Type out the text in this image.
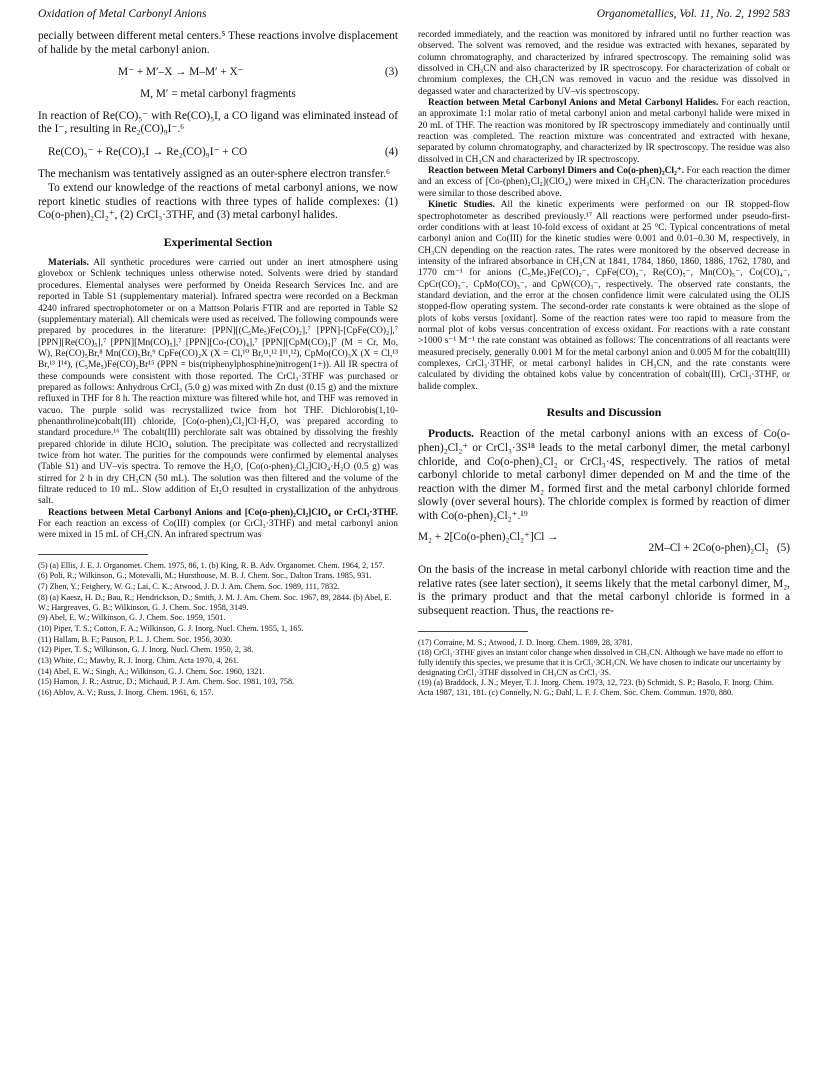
Oxidation of Metal Carbonyl Anions	Organometallics, Vol. 11, No. 2, 1992 583

pecially between different metal centers.⁵ These reactions involve displacement of halide by the metal carbonyl anion.

M⁻ + M′–X → M–M′ + X⁻	(3)
M, M′ = metal carbonyl fragments

In reaction of Re(CO)₅⁻ with Re(CO)₅I, a CO ligand was eliminated instead of the I⁻, resulting in Re₂(CO)₉I⁻.⁶

Re(CO)₅⁻ + Re(CO)₅I → Re₂(CO)₉I⁻ + CO	(4)

The mechanism was tentatively assigned as an outer-sphere electron transfer.⁶

To extend our knowledge of the reactions of metal carbonyl anions, we now report kinetic studies of reactions with three types of halide complexes: (1) Co(o-phen)₂Cl₂⁺, (2) CrCl₃·3THF, and (3) metal carbonyl halides.

Experimental Section

Materials. All synthetic procedures were carried out under an inert atmosphere using glovebox or Schlenk techniques unless otherwise noted. Solvents were dried by standard procedures. Elemental analyses were performed by Oneida Research Services Inc. and are reported in Table S1 (supplementary material). Infrared spectra were recorded on a Beckman 4240 infrared spectrophotometer or on a Mattson Polaris FTIR and are reported in Table S2 (supplementary material). All chemicals were used as received. The following compounds were prepared by procedures in the literature: [PPN][(C₅Me₅)Fe(CO)₂],⁷ [PPN]-[CpFe(CO)₂],⁷ [PPN][Re(CO)₅],⁷ [PPN][Mn(CO)₅],⁷ [PPN][Co-(CO)₄],⁷ [PPN][CpM(CO)₃]⁷ (M = Cr, Mo, W), Re(CO)₅Br,⁸ Mn(CO)₅Br,⁹ CpFe(CO)₂X (X = Cl,¹⁰ Br,¹¹,¹² I¹¹,¹²), CpMo(CO)₃X (X = Cl,¹³ Br,¹³ I¹⁴), (C₅Me₅)Fe(CO)₂Br¹⁵ (PPN = bis(triphenylphosphine)nitrogen(1+)). All IR spectra of these compounds were consistent with those reported. The CrCl₃·3THF was purchased or prepared as follows: Anhydrous CrCl₃ (5.0 g) was mixed with Zn dust (0.15 g) and the mixture refluxed in THF for 8 h. The reaction mixture was filtered while hot, and THF was removed in vacuo. The purple solid was recrystallized twice from hot THF. Dichlorobis(1,10-phenanthroline)cobalt(III) chloride, [Co(o-phen)₂Cl₂]Cl·H₂O, was prepared according to standard procedure.¹⁶ The cobalt(III) perchlorate salt was obtained by dissolving the freshly prepared chloride in dilute HClO₄ solution. The precipitate was collected and recrystallized twice from hot water. The purities for the compounds were confirmed by elemental analyses (Table S1) and UV–vis spectra. To remove the H₂O, [Co(o-phen)₂Cl₂]ClO₄·H₂O (0.5 g) was stirred for 2 h in dry CH₃CN (50 mL). The solution was then filtered and the volume of the filtrate reduced to 10 mL. Slow addition of Et₂O resulted in crystallization of the anhydrous salt.

Reactions between Metal Carbonyl Anions and [Co(o-phen)₂Cl₂]ClO₄ or CrCl₃·3THF. For each reaction an excess of Co(III) complex (or CrCl₃·3THF) and metal carbonyl anion were mixed in 15 mL of CH₃CN. An infrared spectrum was

(5) (a) Ellis, J. E. J. Organomet. Chem. 1975, 86, 1. (b) King, R. B. Adv. Organomet. Chem. 1964, 2, 157.

(6) Poli, R.; Wilkinson, G.; Motevalli, M.; Hursthouse, M. B. J. Chem. Soc., Dalton Trans. 1985, 931.

(7) Zhen, Y.; Feighery, W. G.; Lai, C. K.; Atwood, J. D. J. Am. Chem. Soc. 1989, 111, 7832.

(8) (a) Kaesz, H. D.; Bau, R.; Hendrickson, D.; Smith, J. M. J. Am. Chem. Soc. 1967, 89, 2844. (b) Abel, E. W.; Hargreaves, G. B.; Wilkinson, G. J. Chem. Soc. 1958, 3149.

(9) Abel, E. W.; Wilkinson, G. J. Chem. Soc. 1959, 1501.

(10) Piper, T. S.; Cotton, F. A.; Wilkinson, G. J. Inorg. Nucl. Chem. 1955, 1, 165.

(11) Hallam, B. F.; Pauson, P. L. J. Chem. Soc. 1956, 3030.

(12) Piper, T. S.; Wilkinson, G. J. Inorg. Nucl. Chem. 1950, 2, 38.

(13) White, C.; Mawby, R. J. Inorg. Chim. Acta 1970, 4, 261.

(14) Abel, E. W.; Singh, A.; Wilkinson, G. J. Chem. Soc. 1960, 1321.

(15) Hamon, J. R.; Astruc, D.; Michaud, P. J. Am. Chem. Soc. 1981, 103, 758.

(16) Ablov, A. V.; Russ, J. Inorg. Chem. 1961, 6, 157.

recorded immediately, and the reaction was monitored by infrared until no further reaction was observed. The solvent was removed, and the residue was extracted with hexanes, separated by column chromatography, and characterized by infrared spectroscopy. The remaining solid was dissolved in CH₃CN and also characterized by IR spectroscopy. For characterization of cobalt or chromium complexes, the CH₃CN was removed in vacuo and the residue was dissolved in degassed water and characterized by UV–vis spectroscopy.

Reaction between Metal Carbonyl Anions and Metal Carbonyl Halides. For each reaction, an approximate 1:1 molar ratio of metal carbonyl anion and metal carbonyl halide were mixed in 20 mL of THF. The reaction was monitored by IR spectroscopy immediately and continually until reaction was completed. The reaction mixture was concentrated and extracted with hexane, separated by column chromatography, and characterized by IR spectroscopy. The residue was also dissolved in CH₃CN and characterized by IR spectroscopy.

Reaction between Metal Carbonyl Dimers and Co(o-phen)₂Cl₂⁺. For each reaction the dimer and an excess of [Co-(phen)₂Cl₂](ClO₄) were mixed in CH₃CN. The characterization procedures were similar to those described above.

Kinetic Studies. All the kinetic experiments were performed on our IR stopped-flow spectrophotometer as described previously.¹⁷ All reactions were performed under pseudo-first-order conditions with at least 10-fold excess of oxidant at 25 °C. Typical concentrations of metal carbonyl anion and Co(III) for the kinetic studies were 0.001 and 0.01–0.30 M, respectively, in CH₃CN depending on the reaction rates. The rates were monitored by the observed decrease in intensity of the infrared absorbance in CH₃CN at 1841, 1784, 1860, 1860, 1886, 1762, 1780, and 1770 cm⁻¹ for anions (C₅Me₅)Fe(CO)₂⁻, CpFe(CO)₂⁻, Re(CO)₅⁻, Mn(CO)₅⁻, Co(CO)₄⁻, CpCr(CO)₃⁻, CpMo(CO)₃⁻, and CpW(CO)₃⁻, respectively. The observed rate constants, the standard deviation, and the error at the chosen confidence limit were calculated using the OLIS stopped-flow operating system. The second-order rate constants k were obtained as the slope of plots of kobs versus [oxidant]. Some of the reaction rates were too rapid to measure from the normal plot of kobs versus concentration of excess oxidant. For reactions with a rate constant >1000 s⁻¹ M⁻¹ the rate constant was obtained as follows: The concentrations of all reactants were measured precisely, generally 0.001 M for the metal carbonyl anion and 0.005 M for the cobalt(III) complexes, CrCl₃·3THF, or metal carbonyl halides in CH₃CN, and the rate constants were calculated by dividing the obtained kobs value by concentration of cobalt(III), CrCl₃·3THF, or halide complex.

Results and Discussion

Products. Reaction of the metal carbonyl anions with an excess of Co(o-phen)₂Cl₂⁺ or CrCl₃·3S¹⁸ leads to the metal carbonyl dimer, the metal carbonyl chloride, and Co(o-phen)₂Cl₂ or CrCl₃·4S, respectively. The ratios of metal carbonyl chloride to metal carbonyl dimer depended on M and the time of the reaction with the dimer M₂ formed first and the metal carbonyl chloride formed slowly (over several hours). The chloride complex is formed by reaction of dimer with Co(o-phen)₂Cl₂⁺.¹⁹

M₂ + 2[Co(o-phen)₂Cl₂⁺]Cl →
2M–Cl + 2Co(o-phen)₂Cl₂ (5)

On the basis of the increase in metal carbonyl chloride with reaction time and the relative rates (see later section), it seems likely that the metal carbonyl dimer, M₂, is the primary product and that the metal carbonyl chloride is formed in a subsequent reaction. Thus, the reactions re-

(17) Corraine, M. S.; Atwood, J. D. Inorg. Chem. 1989, 28, 3781.

(18) CrCl₃·3THF gives an instant color change when dissolved in CH₃CN. Although we have made no effort to fully identify this species, we presume that it is CrCl₃·3CH₃CN. We have chosen to indicate our uncertainty by designating CrCl₃·3THF dissolved in CH₃CN as CrCl₃·3S.

(19) (a) Braddock, J. N.; Meyer, T. J. Inorg. Chem. 1973, 12, 723. (b) Schmidt, S. P.; Basolo, F. Inorg. Chim. Acta 1987, 131, 181. (c) Connelly, N. G.; Dahl, L. F. J. Chem. Soc. Chem. Commun. 1970, 880.
